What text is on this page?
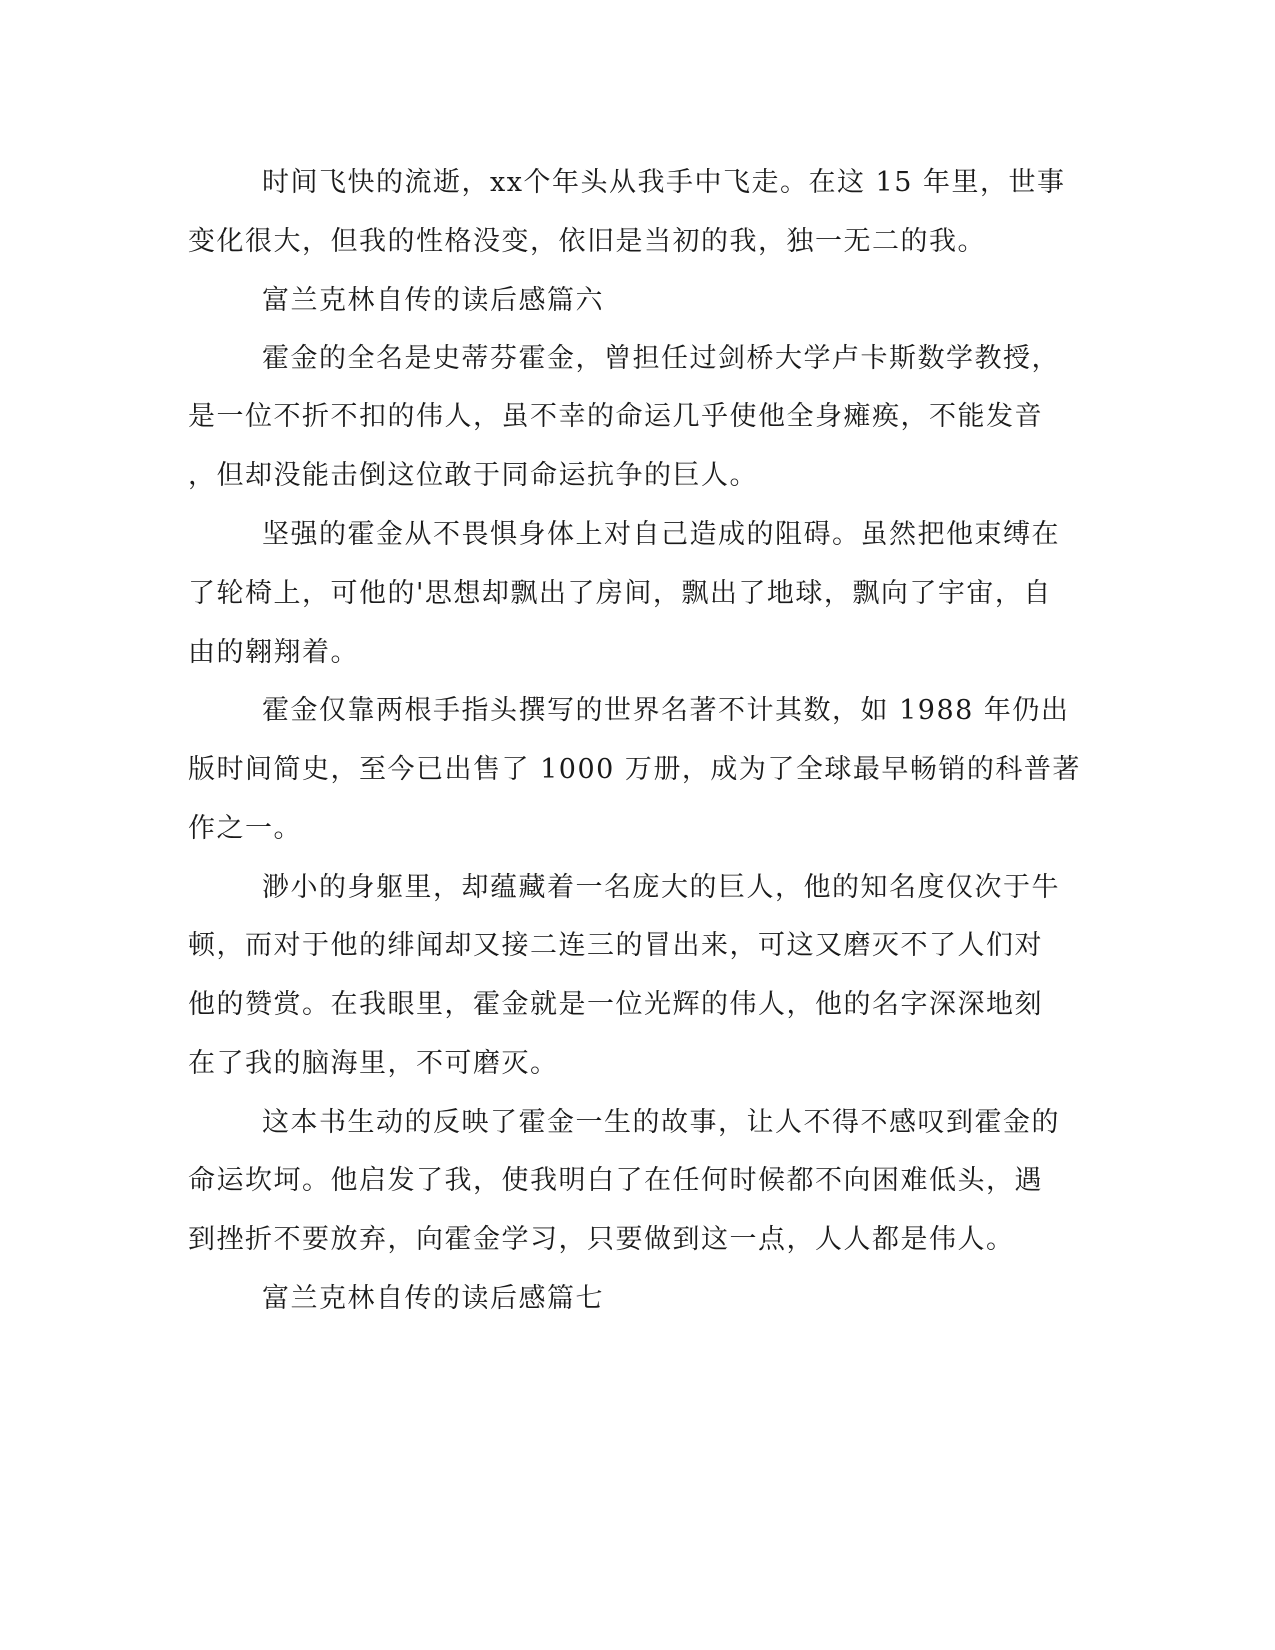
时间飞快的流逝，xx个年头从我手中飞走。在这 15 年里，世事
变化很大，但我的性格没变，依旧是当初的我，独一无二的我。
富兰克林自传的读后感篇六
霍金的全名是史蒂芬霍金，曾担任过剑桥大学卢卡斯数学教授，
是一位不折不扣的伟人，虽不幸的命运几乎使他全身瘫痪，不能发音
，但却没能击倒这位敢于同命运抗争的巨人。
坚强的霍金从不畏惧身体上对自己造成的阻碍。虽然把他束缚在
了轮椅上，可他的'思想却飘出了房间，飘出了地球，飘向了宇宙，自
由的翱翔着。
霍金仅靠两根手指头撰写的世界名著不计其数，如 1988 年仍出
版时间简史，至今已出售了 1000 万册，成为了全球最早畅销的科普著
作之一。
渺小的身躯里，却蕴藏着一名庞大的巨人，他的知名度仅次于牛
顿，而对于他的绯闻却又接二连三的冒出来，可这又磨灭不了人们对
他的赞赏。在我眼里，霍金就是一位光辉的伟人，他的名字深深地刻
在了我的脑海里，不可磨灭。
这本书生动的反映了霍金一生的故事，让人不得不感叹到霍金的
命运坎坷。他启发了我，使我明白了在任何时候都不向困难低头，遇
到挫折不要放弃，向霍金学习，只要做到这一点，人人都是伟人。
富兰克林自传的读后感篇七
